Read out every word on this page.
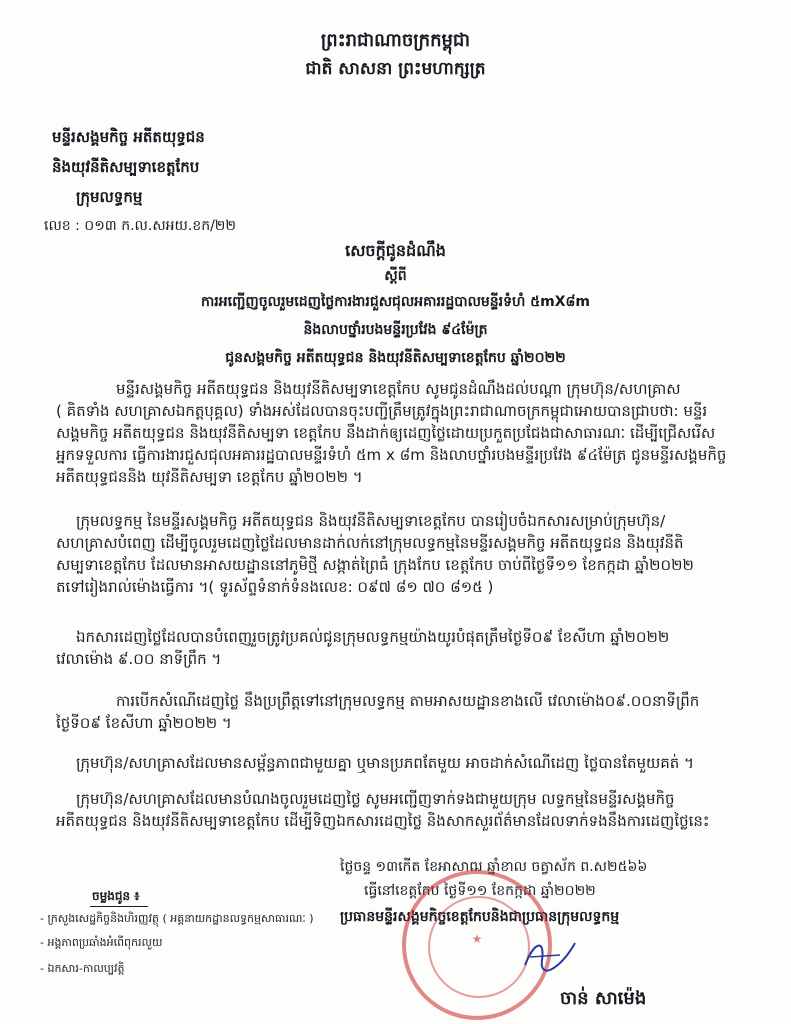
ព្រះរាជាណាចក្រកម្ពុជា
ជាតិ សាសនា ព្រះមហាក្សត្រ
មន្ទីរសង្គមកិច្ច អតីតយុទ្ធជន
និងយុវនីតិសម្បទាខេត្តកែប
ក្រុមលទ្ធកម្ម
លេខ : ០១៣ ក.ល.សអយ.ខក/២២
សេចក្តីជូនដំណឹង
ស្តីពី
ការអញ្ជើញចូលរួមដេញថ្លៃការងារជួសជុលអគាររដ្ឋបាលមន្ទីរទំហំ ៥mX៨m
និងលាបថ្នាំរបងមន្ទីរប្រវែង ៩៤ម៉ែត្រ
ជូនសង្គមកិច្ច អតីតយុទ្ធជន និងយុវនីតិសម្បទាខេត្តកែប ឆ្នាំ២០២២
មន្ទីរសង្គមកិច្ច អតីតយុទ្ធជន និងយុវនីតិសម្បទាខេត្តកែប សូមជូនដំណឹងដល់បណ្តា ក្រុមហ៊ុន/សហគ្រាស
( គិតទាំង សហគ្រាសឯកត្តបុគ្គល) ទាំងអស់ដែលបានចុះបញ្ជីត្រឹមត្រូវក្នុងព្រះរាជាណាចក្រកម្ពុជាអោយបានជ្រាបថា: មន្ទីរ
សង្គមកិច្ច អតីតយុទ្ធជន និងយុវនីតិសម្បទា ខេត្តកែប នឹងដាក់ឲ្យដេញថ្លៃដោយប្រកួតប្រជែងជាសាធារណៈ ដើម្បីជ្រើសរើស
អ្នកទទួលការ ធ្វើការងារជួសជុលអគាររដ្ឋបាលមន្ទីរទំហំ ៥m x ៨m និងលាបថ្នាំរបងមន្ទីរប្រវែង ៩៤ម៉ែត្រ ជូនមន្ទីរសង្គមកិច្ច
អតីតយុទ្ធជននិង យុវនីតិសម្បទា ខេត្តកែប ឆ្នាំ២០២២ ។
ក្រុមលទ្ធកម្ម នៃមន្ទីរសង្គមកិច្ច អតីតយុទ្ធជន និងយុវនីតិសម្បទាខេត្តកែប បានរៀបចំឯកសារសម្រាប់ក្រុមហ៊ុន/
សហគ្រាសបំពេញ ដើម្បីចូលរួមដេញថ្លៃដែលមានដាក់លក់នៅក្រុមលទ្ធកម្មនៃមន្ទីរសង្គមកិច្ច អតីតយុទ្ធជន និងយុវនីតិ
សម្បទាខេត្តកែប ដែលមានអាសយដ្ឋាននៅភូមិថ្មី សង្កាត់ព្រៃធំ ក្រុងកែប ខេត្តកែប ចាប់ពីថ្ងៃទី១១ ខែកក្កដា ឆ្នាំ២០២២
តទៅរៀងរាល់ម៉ោងធ្វើការ ។( ទូរស័ព្ទទំនាក់ទំនងលេខ: ០៩៧ ៨១ ៧០ ៨១៥ )
ឯកសារដេញថ្លៃដែលបានបំពេញរួចត្រូវប្រគល់ជូនក្រុមលទ្ធកម្មយ៉ាងយូរបំផុតត្រឹមថ្ងៃទី០៩ ខែសីហា ឆ្នាំ២០២២
វេលាម៉ោង ៩.០០ នាទីព្រឹក ។
ការបើកសំណើដេញថ្លៃ នឹងប្រព្រឹត្តទៅនៅក្រុមលទ្ធកម្ម តាមអាសយដ្ឋានខាងលើ វេលាម៉ោង០៩.០០នាទីព្រឹក
ថ្ងៃទី០៩ ខែសីហា ឆ្នាំ២០២២ ។
ក្រុមហ៊ុន/សហគ្រាសដែលមានសម្ព័ន្ធភាពជាមួយគ្នា ឬមានប្រភពតែមួយ អាចដាក់សំណើដេញ ថ្លៃបានតែមួយគត់ ។
ក្រុមហ៊ុន/សហគ្រាសដែលមានបំណងចូលរួមដេញថ្លៃ សូមអញ្ជើញទាក់ទងជាមួយក្រុម លទ្ធកម្មនៃមន្ទីរសង្គមកិច្ច
អតីតយុទ្ធជន និងយុវនីតិសម្បទាខេត្តកែប ដើម្បីទិញឯកសារដេញថ្លៃ និងសាកសួរព័ត៌មានដែលទាក់ទងនឹងការដេញថ្លៃនេះ
ថ្ងៃចន្ទ ១៣កើត ខែអាសាឍ ឆ្នាំខាល ចត្វាស័ក ព.ស២៥៦៦
ធ្វើនៅខេត្តកែប ថ្ងៃទី១១ ខែកក្កដា ឆ្នាំ២០២២
ប្រធានមន្ទីរសង្គមកិច្ចខេត្តកែបនិងជាប្រធានក្រុមលទ្ធកម្ម
ចម្លងជូន ៖
- ក្រសួងសេដ្ឋកិច្ចនិងហិរញ្ញវត្ថុ ( អគ្គនាយកដ្ឋានលទ្ធកម្មសាធារណៈ )
- អង្គភាពប្រឆាំងអំពើពុករលួយ
- ឯកសារ-កាលប្បវត្តិ
★
ចាន់ សាម៉េង
